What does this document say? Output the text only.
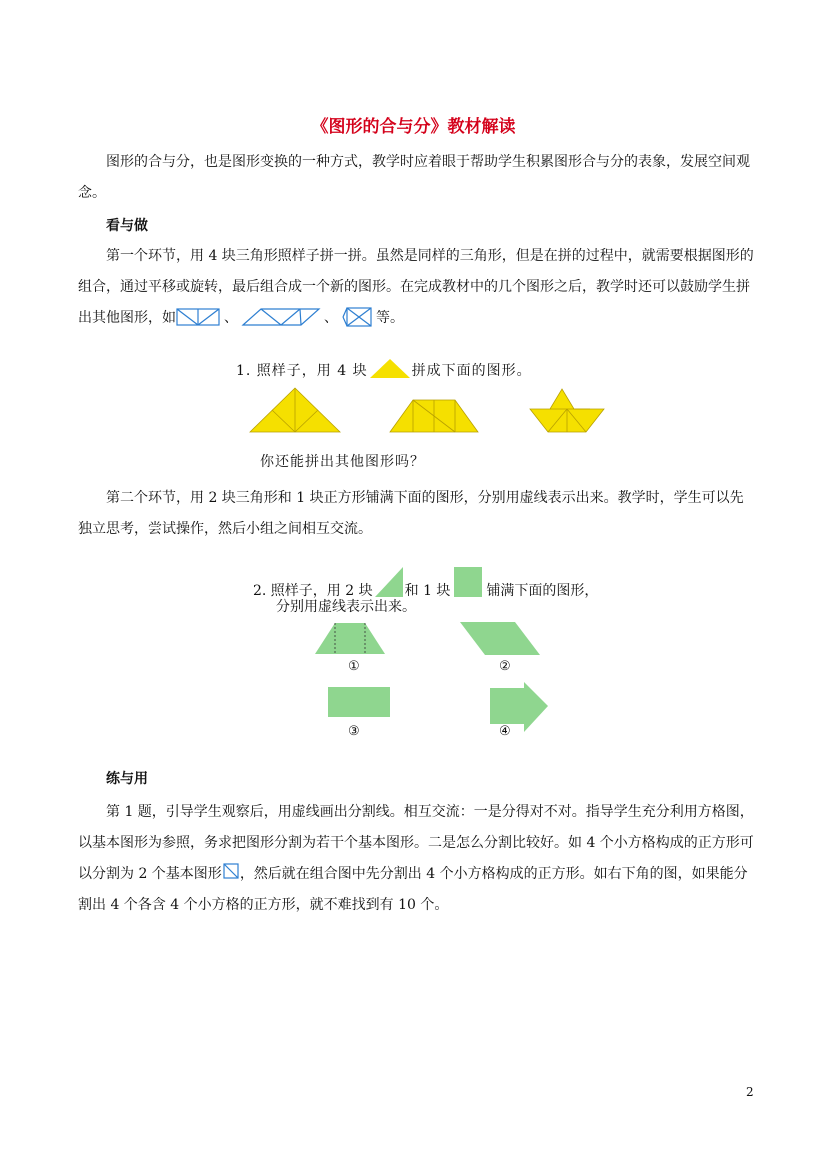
《图形的合与分》教材解读
图形的合与分，也是图形变换的一种方式，教学时应着眼于帮助学生积累图形合与分的表象，发展空间观念。
看与做
第一个环节，用 4 块三角形照样子拼一拼。虽然是同样的三角形，但是在拼的过程中，就需要根据图形的组合，通过平移或旋转，最后组合成一个新的图形。在完成教材中的几个图形之后，教学时还可以鼓励学生拼出其他图形，如	、	、	等。
1. 照样子，用 4 块	拼成下面的图形。
你还能拼出其他图形吗？
第二个环节，用 2 块三角形和 1 块正方形铺满下面的图形，分别用虚线表示出来。教学时，学生可以先独立思考，尝试操作，然后小组之间相互交流。
2. 照样子，用 2 块 和 1 块	铺满下面的图形，
分别用虚线表示出来。
①	②
③	④
练与用
第 1 题，引导学生观察后，用虚线画出分割线。相互交流：一是分得对不对。指导学生充分利用方格图，以基本图形为参照，务求把图形分割为若干个基本图形。二是怎么分割比较好。如 4 个小方格构成的正方形可以分割为 2 个基本图形 ，然后就在组合图中先分割出 4 个小方格构成的正方形。如右下角的图，如果能分割出 4 个各含 4 个小方格的正方形，就不难找到有 10 个。
2
